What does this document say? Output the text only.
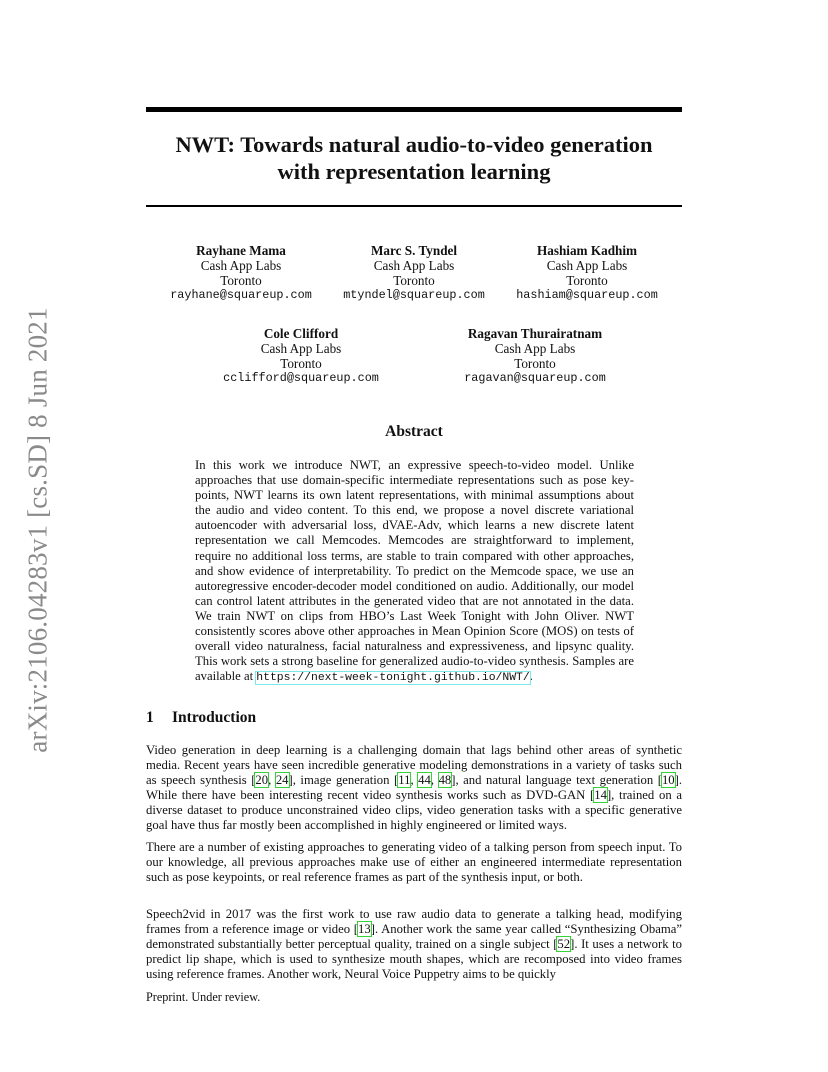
arXiv:2106.04283v1 [cs.SD] 8 Jun 2021
NWT: Towards natural audio-to-video generation
with representation learning
Rayhane Mama
Cash App Labs
Toronto
rayhane@squareup.com
Marc S. Tyndel
Cash App Labs
Toronto
mtyndel@squareup.com
Hashiam Kadhim
Cash App Labs
Toronto
hashiam@squareup.com
Cole Clifford
Cash App Labs
Toronto
cclifford@squareup.com
Ragavan Thurairatnam
Cash App Labs
Toronto
ragavan@squareup.com
Abstract

In this work we introduce NWT, an expressive speech-to-video model. Unlike approaches that use domain-specific intermediate representations such as pose key-points, NWT learns its own latent representations, with minimal assumptions about the audio and video content. To this end, we propose a novel discrete variational autoencoder with adversarial loss, dVAE-Adv, which learns a new discrete latent representation we call Memcodes. Memcodes are straightforward to implement, require no additional loss terms, are stable to train compared with other approaches, and show evidence of interpretability. To predict on the Memcode space, we use an autoregressive encoder-decoder model conditioned on audio. Additionally, our model can control latent attributes in the generated video that are not annotated in the data. We train NWT on clips from HBO’s Last Week Tonight with John Oliver. NWT consistently scores above other approaches in Mean Opinion Score (MOS) on tests of overall video naturalness, facial naturalness and expressiveness, and lipsync quality. This work sets a strong baseline for generalized audio-to-video synthesis. Samples are available at https://next-week-tonight.github.io/NWT/.

1 Introduction

Video generation in deep learning is a challenging domain that lags behind other areas of synthetic media. Recent years have seen incredible generative modeling demonstrations in a variety of tasks such as speech synthesis [20, 24], image generation [11, 44, 48], and natural language text generation [10]. While there have been interesting recent video synthesis works such as DVD-GAN [14], trained on a diverse dataset to produce unconstrained video clips, video generation tasks with a specific generative goal have thus far mostly been accomplished in highly engineered or limited ways.

There are a number of existing approaches to generating video of a talking person from speech input. To our knowledge, all previous approaches make use of either an engineered intermediate representation such as pose keypoints, or real reference frames as part of the synthesis input, or both.

Speech2vid in 2017 was the first work to use raw audio data to generate a talking head, modifying frames from a reference image or video [13]. Another work the same year called “Synthesizing Obama” demonstrated substantially better perceptual quality, trained on a single subject [52]. It uses a network to predict lip shape, which is used to synthesize mouth shapes, which are recomposed into video frames using reference frames. Another work, Neural Voice Puppetry aims to be quickly

Preprint. Under review.
